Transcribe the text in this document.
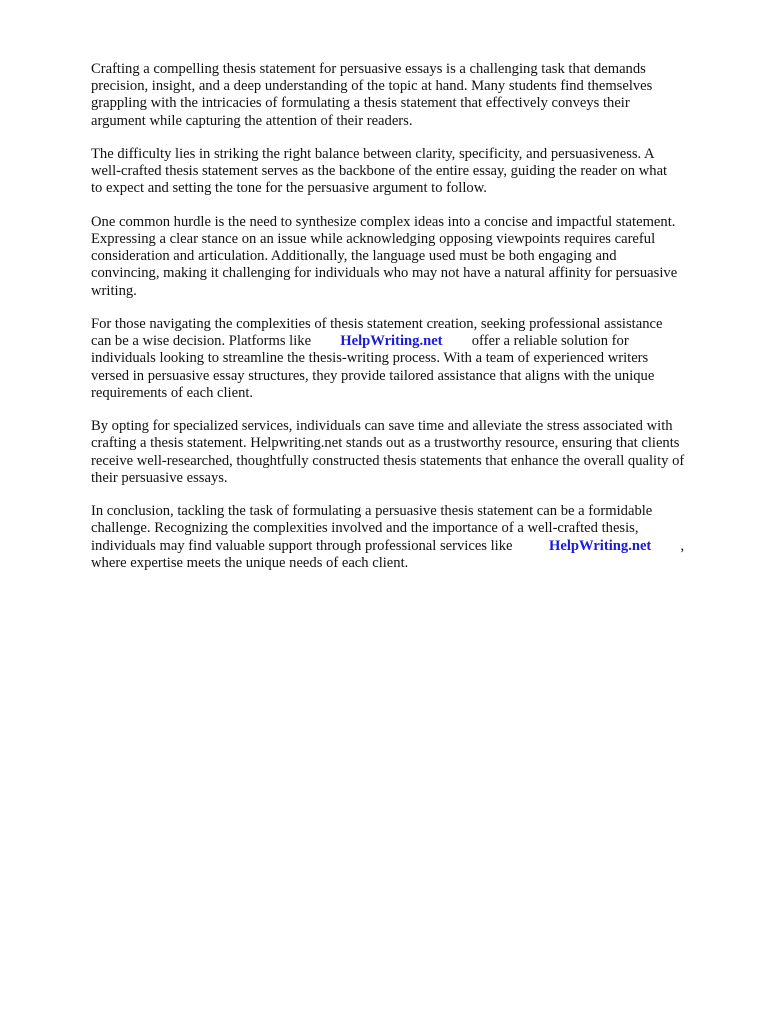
Crafting a compelling thesis statement for persuasive essays is a challenging task that demands
precision, insight, and a deep understanding of the topic at hand. Many students find themselves
grappling with the intricacies of formulating a thesis statement that effectively conveys their
argument while capturing the attention of their readers.

The difficulty lies in striking the right balance between clarity, specificity, and persuasiveness. A
well-crafted thesis statement serves as the backbone of the entire essay, guiding the reader on what
to expect and setting the tone for the persuasive argument to follow.

One common hurdle is the need to synthesize complex ideas into a concise and impactful statement.
Expressing a clear stance on an issue while acknowledging opposing viewpoints requires careful
consideration and articulation. Additionally, the language used must be both engaging and
convincing, making it challenging for individuals who may not have a natural affinity for persuasive
writing.

For those navigating the complexities of thesis statement creation, seeking professional assistance
can be a wise decision. Platforms like HelpWriting.net offer a reliable solution for
individuals looking to streamline the thesis-writing process. With a team of experienced writers
versed in persuasive essay structures, they provide tailored assistance that aligns with the unique
requirements of each client.

By opting for specialized services, individuals can save time and alleviate the stress associated with
crafting a thesis statement. Helpwriting.net stands out as a trustworthy resource, ensuring that clients
receive well-researched, thoughtfully constructed thesis statements that enhance the overall quality of
their persuasive essays.

In conclusion, tackling the task of formulating a persuasive thesis statement can be a formidable
challenge. Recognizing the complexities involved and the importance of a well-crafted thesis,
individuals may find valuable support through professional services like HelpWriting.net ,
where expertise meets the unique needs of each client.
